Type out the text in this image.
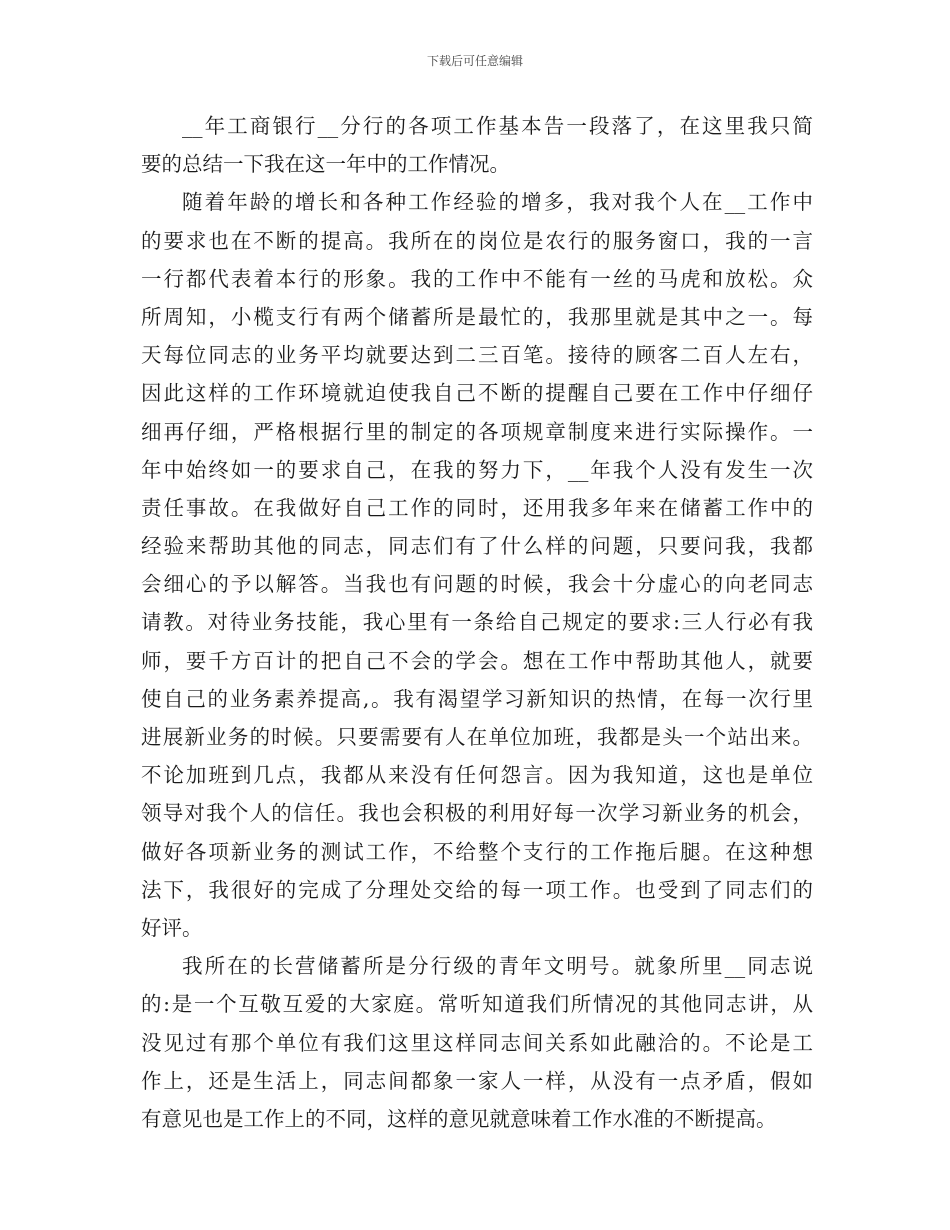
下载后可任意编辑
__年工商银行__分行的各项工作基本告一段落了，在这里我只简
要的总结一下我在这一年中的工作情况。
随着年龄的增长和各种工作经验的增多，我对我个人在__工作中
的要求也在不断的提高。我所在的岗位是农行的服务窗口，我的一言
一行都代表着本行的形象。我的工作中不能有一丝的马虎和放松。众
所周知，小榄支行有两个储蓄所是最忙的，我那里就是其中之一。每
天每位同志的业务平均就要达到二三百笔。接待的顾客二百人左右，
因此这样的工作环境就迫使我自己不断的提醒自己要在工作中仔细仔
细再仔细，严格根据行里的制定的各项规章制度来进行实际操作。一
年中始终如一的要求自己，在我的努力下，__年我个人没有发生一次
责任事故。在我做好自己工作的同时，还用我多年来在储蓄工作中的
经验来帮助其他的同志，同志们有了什么样的问题，只要问我，我都
会细心的予以解答。当我也有问题的时候，我会十分虚心的向老同志
请教。对待业务技能，我心里有一条给自己规定的要求:三人行必有我
师，要千方百计的把自己不会的学会。想在工作中帮助其他人，就要
使自己的业务素养提高,。我有渴望学习新知识的热情，在每一次行里
进展新业务的时候。只要需要有人在单位加班，我都是头一个站出来。
不论加班到几点，我都从来没有任何怨言。因为我知道，这也是单位
领导对我个人的信任。我也会积极的利用好每一次学习新业务的机会，
做好各项新业务的测试工作，不给整个支行的工作拖后腿。在这种想
法下，我很好的完成了分理处交给的每一项工作。也受到了同志们的
好评。
我所在的长营储蓄所是分行级的青年文明号。就象所里__同志说
的:是一个互敬互爱的大家庭。常听知道我们所情况的其他同志讲，从
没见过有那个单位有我们这里这样同志间关系如此融洽的。不论是工
作上，还是生活上，同志间都象一家人一样，从没有一点矛盾，假如
有意见也是工作上的不同，这样的意见就意味着工作水准的不断提高。
